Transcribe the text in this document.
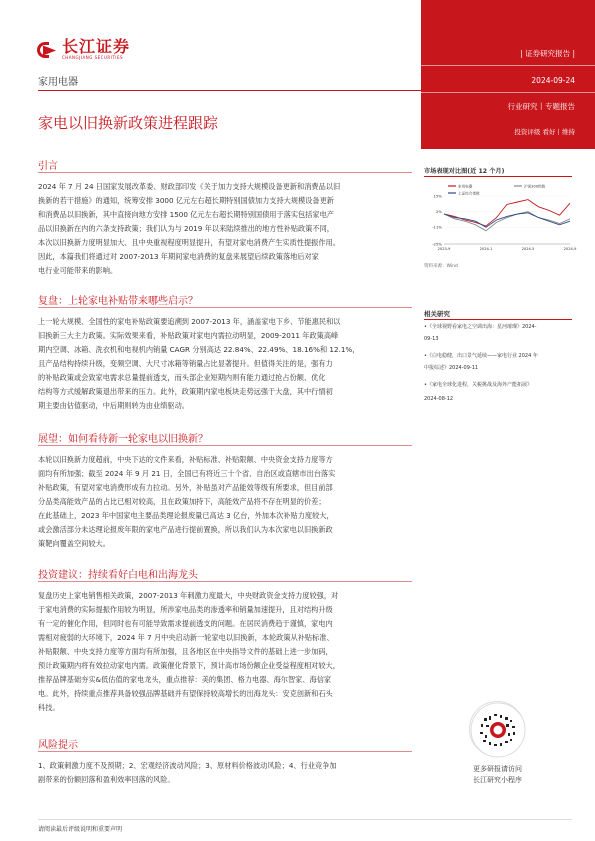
长江证券
CHANGJIANG SECURITIES
家用电器
家电以旧换新政策进程跟踪
| 证券研究报告 |
2024-09-24
行业研究丨专题报告
投资评级 看好丨维持
引言
2024 年 7 月 24 日国家发展改革委、财政部印发《关于加力支持大规模设备更新和消费品以旧
换新的若干措施》的通知，统筹安排 3000 亿元左右超长期特别国债加力支持大规模设备更新
和消费品以旧换新，其中直接向地方安排 1500 亿元左右超长期特别国债用于落实包括家电产
品以旧换新在内的六条支持政策；我们认为与 2019 年以来陆续推出的地方性补贴政策不同，
本次以旧换新力度明显加大、且中央重视程度明显提升，有望对家电消费产生实质性提振作用。
因此，本篇我们将通过对 2007-2013 年期间家电消费的复盘来展望后续政策落地后对家
电行业可能带来的影响。
复盘：上轮家电补贴带来哪些启示？
上一轮大规模、全国性的家电补贴政策要追溯到 2007-2013 年，涵盖家电下乡、节能惠民和以
旧换新三大主力政策。实际效果来看，补贴政策对家电内需拉动明显，2009-2011 年政策高峰
期内空调、冰箱、洗衣机和电视机内销量 CAGR 分别高达 22.84%、22.49%、18.16%和 12.1%，
且产品结构持续升级，变频空调、大尺寸冰箱等销量占比显著提升。但值得关注的是，强有力
的补贴政策或会致家电需求总量提前透支，而头部企业短期内则有能力通过抢占份额、优化
结构等方式缓解政策退出带来的压力。此外，政策期内家电板块走势远强于大盘，其中行情初
期主要由估值驱动，中后期则转为由业绩驱动。
展望：如何看待新一轮家电以旧换新？
本轮以旧换新力度超前，中央下达的文件来看，补贴标准、补贴限额、中央资金支持力度等方
面均有所加强；截至 2024 年 9 月 21 日，全国已有将近三十个省、自治区或直辖市出台落实
补贴政策，有望对家电消费形成有力拉动。另外，补贴虽对产品能效等级有所要求，但目前部
分品类高能效产品的占比已相对较高，且在政策加持下，高能效产品将不存在明显的价差；
在此基础上，2023 年中国家电主要品类理论报废量已高达 3 亿台，外加本次补贴力度较大，
或会激活部分未达理论报废年限的家电产品进行提前置换，所以我们认为本次家电以旧换新政
策靶向覆盖空间较大。
投资建议：持续看好白电和出海龙头
复盘历史上家电销售相关政策，2007-2013 年刺激力度最大，中央财政资金支持力度较强，对
于家电消费的实际提振作用较为明显，所涉家电品类的渗透率和销量加速提升，且对结构升级
有一定的催化作用，但同时也有可能导致需求提前透支的问题。在居民消费趋于谨慎，家电内
需相对疲弱的大环境下，2024 年 7 月中央启动新一轮家电以旧换新，本轮政策从补贴标准、
补贴限额、中央支持力度等方面均有所加强，且各地区在中央指导文件的基础上进一步加码，
预计政策期内将有效拉动家电内需。政策催化背景下，预计高市场份额企业受益程度相对较大，
推荐品牌基础夯实&低估值的家电龙头，重点推荐：美的集团、格力电器、海尔智家、海信家
电。此外，持续重点推荐具备较强品牌基础并有望保持较高增长的出海龙头：安克创新和石头
科技。
风险提示
1、政策刺激力度不及预期；2、宏观经济波动风险；3、原材料价格波动风险；4、行业竞争加
剧带来的份额回落和盈利效率回落的风险。
市场表现对比图(近 12 个月)
家用电器	沪深300指数
上证综合指数
15%
2%
-11%
-25%
2023-9	2024-1	2024-5	2024-9
资料来源：Wind
相关研究
•《全球视野看家电之空调出海：星河璀璨》2024-
09-13
•《白电稳健，出口景气延续——家电行业 2024 年
中报综述》2024-09-11
•《家电全球化进程，关税挑战及海外产能拓展》
2024-08-12
更多研报请访问
长江研究小程序
请阅读最后评级说明和重要声明
